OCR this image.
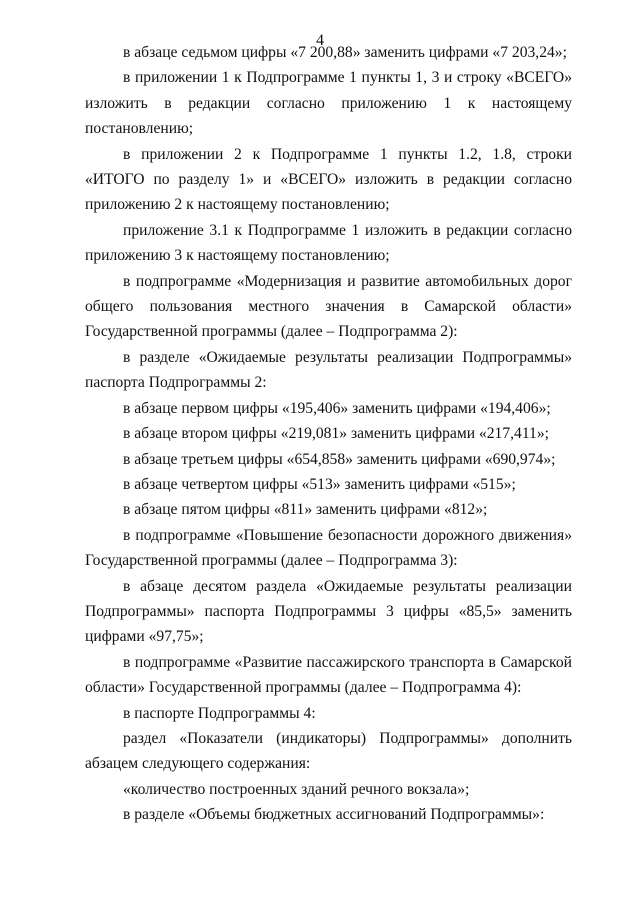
4

в абзаце седьмом цифры «7 200,88» заменить цифрами «7 203,24»;

в приложении 1 к Подпрограмме 1 пункты 1, 3 и строку «ВСЕГО» изложить в редакции согласно приложению 1 к настоящему постановлению;

в приложении 2 к Подпрограмме 1 пункты 1.2, 1.8, строки «ИТОГО по разделу 1» и «ВСЕГО» изложить в редакции согласно приложению 2 к настоящему постановлению;

приложение 3.1 к Подпрограмме 1 изложить в редакции согласно приложению 3 к настоящему постановлению;

в подпрограмме «Модернизация и развитие автомобильных дорог общего пользования местного значения в Самарской области» Государственной программы (далее – Подпрограмма 2):

в разделе «Ожидаемые результаты реализации Подпрограммы» паспорта Подпрограммы 2:

в абзаце первом цифры «195,406» заменить цифрами «194,406»;

в абзаце втором цифры «219,081» заменить цифрами «217,411»;

в абзаце третьем цифры «654,858» заменить цифрами «690,974»;

в абзаце четвертом цифры «513» заменить цифрами «515»;

в абзаце пятом цифры «811» заменить цифрами «812»;

в подпрограмме «Повышение безопасности дорожного движения» Государственной программы (далее – Подпрограмма 3):

в абзаце десятом раздела «Ожидаемые результаты реализации Подпрограммы» паспорта Подпрограммы 3 цифры «85,5» заменить цифрами «97,75»;

в подпрограмме «Развитие пассажирского транспорта в Самарской области» Государственной программы (далее – Подпрограмма 4):

в паспорте Подпрограммы 4:

раздел «Показатели (индикаторы) Подпрограммы» дополнить абзацем следующего содержания:

«количество построенных зданий речного вокзала»;

в разделе «Объемы бюджетных ассигнований Подпрограммы»:
